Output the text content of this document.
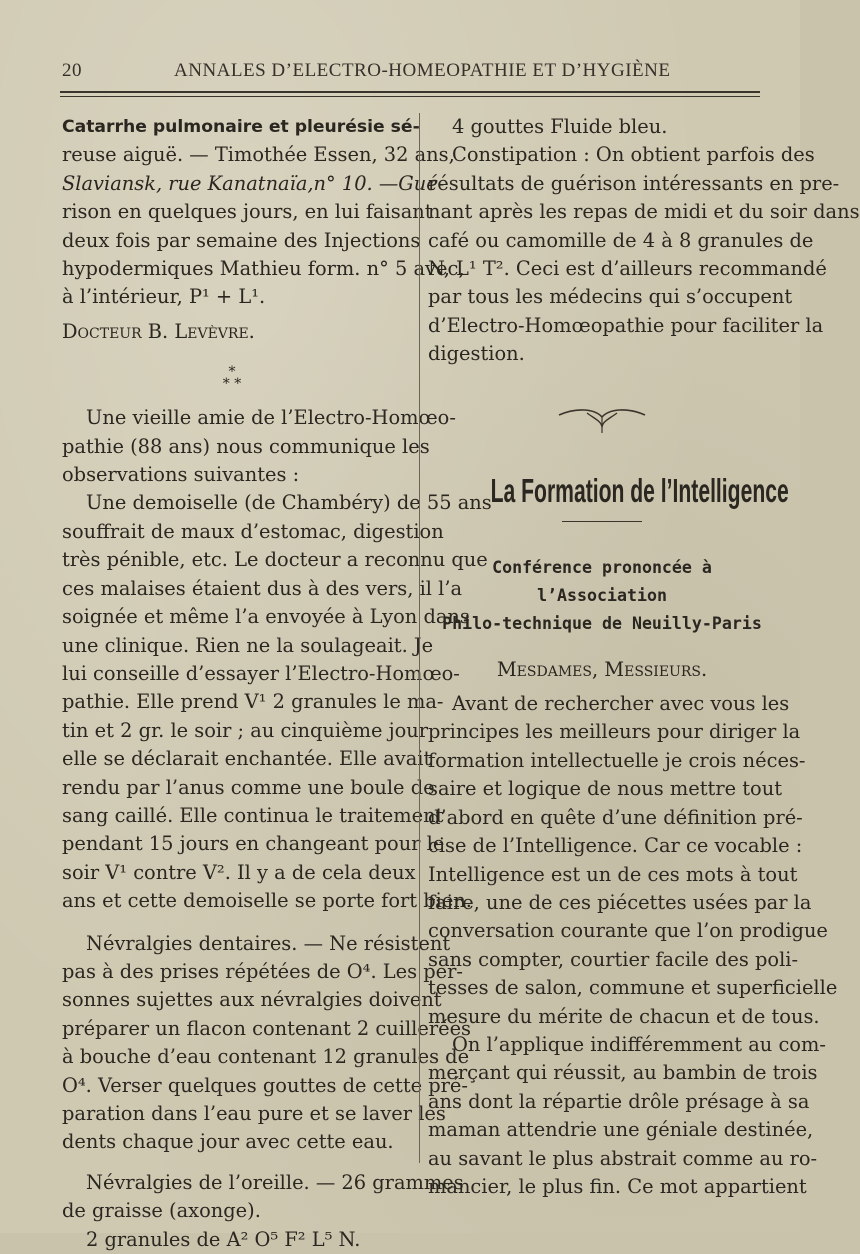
20	ANNALES D’ELECTRO-HOMEOPATHIE ET D’HYGIÈNE

Catarrhe pulmonaire et pleurésie sé-
reuse aiguë. — Timothée Essen, 32 ans,
Slaviansk, rue Kanatnaïa,n° 10. —Gué-
rison en quelques jours, en lui faisant
deux fois par semaine des Injections
hypodermiques Mathieu form. n° 5 avec,
à l’intérieur, P¹ + L¹.

Docteur B. Levèvre.

*
* *

Une vieille amie de l’Electro-Homœo-
pathie (88 ans) nous communique les
observations suivantes :

Une demoiselle (de Chambéry) de 55 ans
souffrait de maux d’estomac, digestion
très pénible, etc. Le docteur a reconnu que
ces malaises étaient dus à des vers, il l’a
soignée et même l’a envoyée à Lyon dans
une clinique. Rien ne la soulageait. Je
lui conseille d’essayer l’Electro-Homœo-
pathie. Elle prend V¹ 2 granules le ma-
tin et 2 gr. le soir ; au cinquième jour
elle se déclarait enchantée. Elle avait
rendu par l’anus comme une boule de
sang caillé. Elle continua le traitement
pendant 15 jours en changeant pour le
soir V¹ contre V². Il y a de cela deux
ans et cette demoiselle se porte fort bien.

Névralgies dentaires. — Ne résistent
pas à des prises répétées de O⁴. Les per-
sonnes sujettes aux névralgies doivent
préparer un flacon contenant 2 cuillerées
à bouche d’eau contenant 12 granules de
O⁴. Verser quelques gouttes de cette pré-
paration dans l’eau pure et se laver les
dents chaque jour avec cette eau.

Névralgies de l’oreille. — 26 grammes
de graisse (axonge).
2 granules de A² O⁵ F² L⁵ N.

4 gouttes Fluide bleu.
Constipation : On obtient parfois des
résultats de guérison intéressants en pre-
nant après les repas de midi et du soir dans
café ou camomille de 4 à 8 granules de
N, L¹ T². Ceci est d’ailleurs recommandé
par tous les médecins qui s’occupent
d’Electro-Homœopathie pour faciliter la
digestion.

La Formation de l’Intelligence
Conférence prononcée à l’Association
Philo-technique de Neuilly-Paris
Mesdames, Messieurs.

Avant de rechercher avec vous les
principes les meilleurs pour diriger la
formation intellectuelle je crois néces-
saire et logique de nous mettre tout
d’abord en quête d’une définition pré-
cise de l’Intelligence. Car ce vocable :
Intelligence est un de ces mots à tout
faire, une de ces piécettes usées par la
conversation courante que l’on prodigue
sans compter, courtier facile des poli-
tesses de salon, commune et superficielle
mesure du mérite de chacun et de tous.

On l’applique indifféremment au com-
merçant qui réussit, au bambin de trois
ans dont la répartie drôle présage à sa
maman attendrie une géniale destinée,
au savant le plus abstrait comme au ro-
mancier, le plus fin. Ce mot appartient
